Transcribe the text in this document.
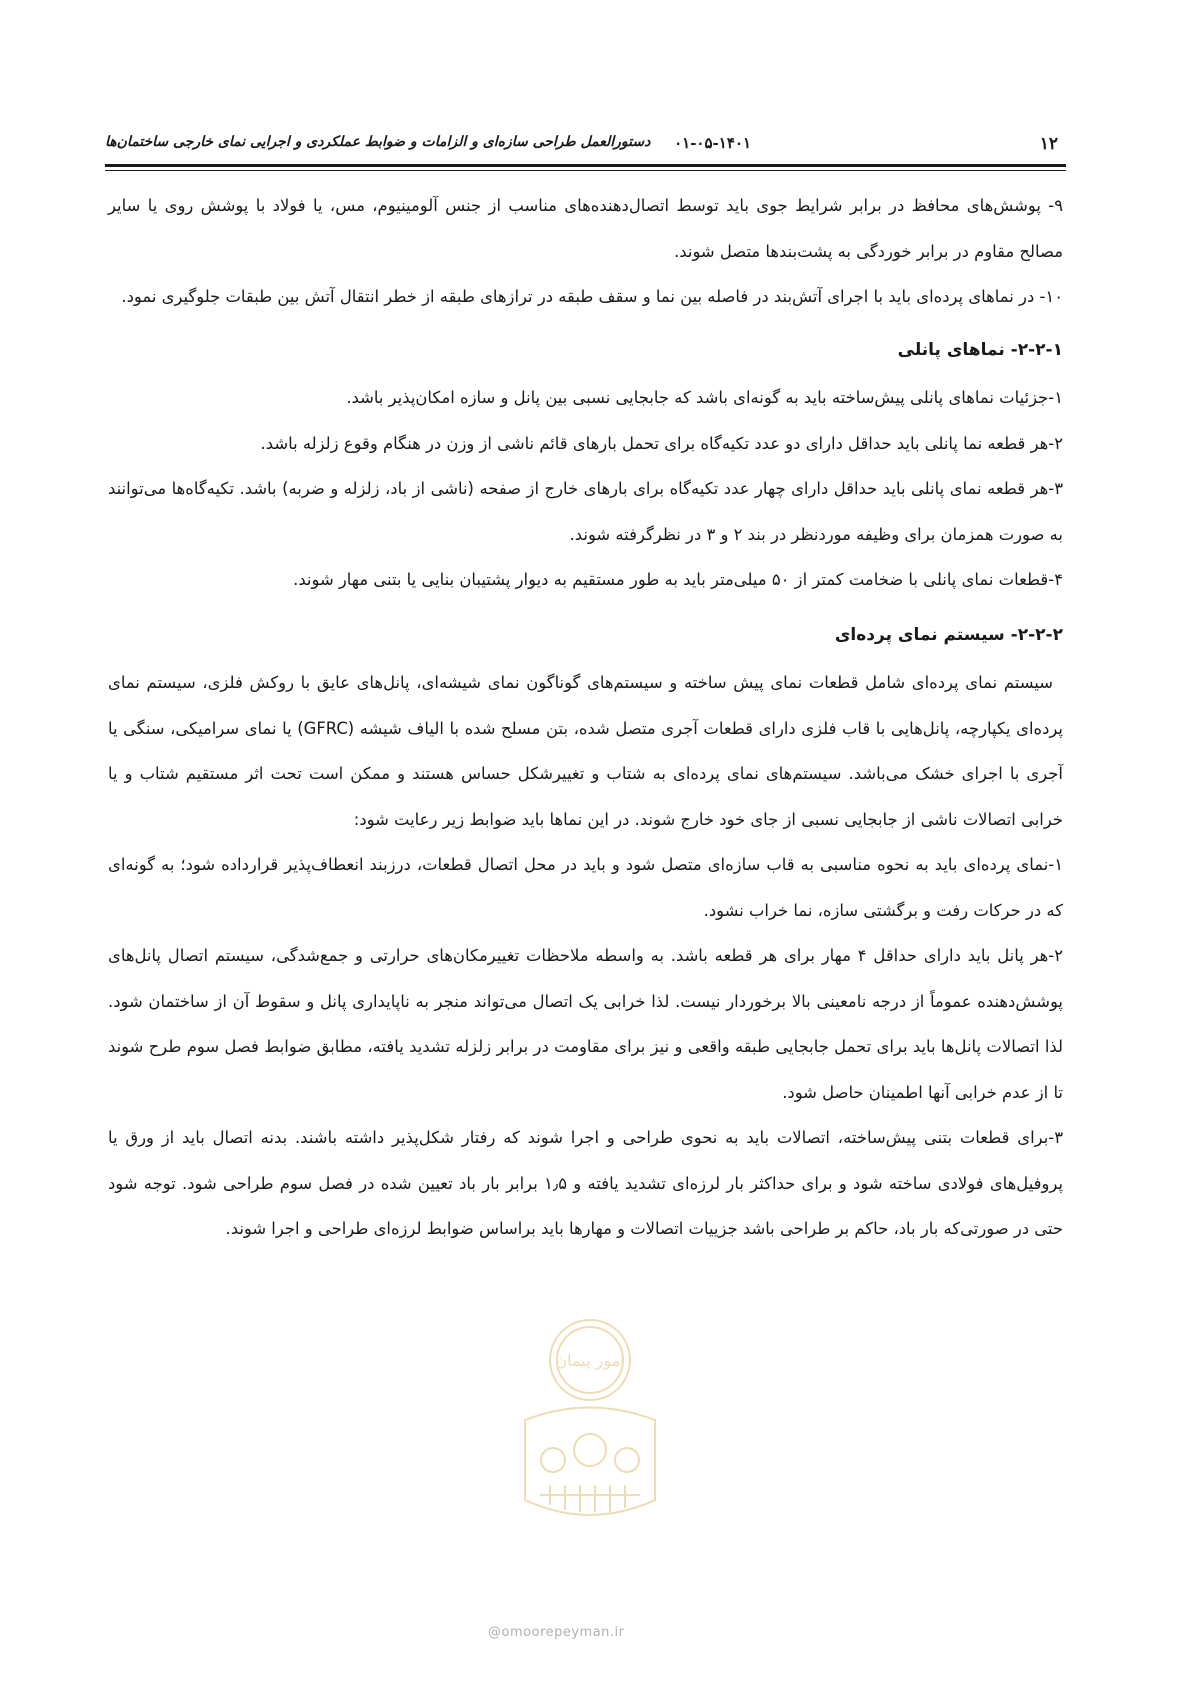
۱۲
۰۱-۰۵-۱۴۰۱
دستورالعمل طراحی سازه‌ای و الزامات و ضوابط عملکردی و اجرایی نمای خارجی ساختمان‌ها

۹- پوشش‌های محافظ در برابر شرایط جوی باید توسط اتصال‌دهنده‌های مناسب از جنس آلومینیوم، مس، یا فولاد با پوشش روی یا سایر مصالح مقاوم در برابر خوردگی به پشت‌بندها متصل شوند.

۱۰- در نماهای پرده‌ای باید با اجرای آتش‌بند در فاصله بین نما و سقف طبقه در ترازهای طبقه از خطر انتقال آتش بین طبقات جلوگیری نمود.

۲-۲-۱- نماهای پانلی

۱-جزئیات نماهای پانلی پیش‌ساخته باید به گونه‌ای باشد که جابجایی نسبی بین پانل و سازه امکان‌پذیر باشد.

۲-هر قطعه نما پانلی باید حداقل دارای دو عدد تکیه‌گاه برای تحمل بارهای قائم ناشی از وزن در هنگام وقوع زلزله باشد.

۳-هر قطعه نمای پانلی باید حداقل دارای چهار عدد تکیه‌گاه برای بارهای خارج از صفحه (ناشی از باد، زلزله و ضربه) باشد. تکیه‌گاه‌ها می‌توانند به صورت همزمان برای وظیفه موردنظر در بند ۲ و ۳ در نظرگرفته شوند.

۴-قطعات نمای پانلی با ضخامت کمتر از ۵۰ میلی‌متر باید به طور مستقیم به دیوار پشتیبان بنایی یا بتنی مهار شوند.

۲-۲-۲- سیستم نمای پرده‌ای

سیستم نمای پرده‌ای شامل قطعات نمای پیش ساخته و سیستم‌های گوناگون نمای شیشه‌ای، پانل‌های عایق با روکش فلزی، سیستم نمای پرده‌ای یکپارچه، پانل‌هایی با قاب فلزی دارای قطعات آجری متصل شده، بتن مسلح شده با الیاف شیشه (GFRC) یا نمای سرامیکی، سنگی یا آجری با اجرای خشک می‌باشد. سیستم‌های نمای پرده‌ای به شتاب و تغییرشکل حساس هستند و ممکن است تحت اثر مستقیم شتاب و یا خرابی اتصالات ناشی از جابجایی نسبی از جای خود خارج شوند. در این نماها باید ضوابط زیر رعایت شود:

۱-نمای پرده‌ای باید به نحوه مناسبی به قاب سازه‌ای متصل شود و باید در محل اتصال قطعات، درزبند انعطاف‌پذیر قرارداده شود؛ به گونه‌ای که در حرکات رفت و برگشتی سازه، نما خراب نشود.

۲-هر پانل باید دارای حداقل ۴ مهار برای هر قطعه باشد. به واسطه ملاحظات تغییرمکان‌های حرارتی و جمع‌شدگی، سیستم اتصال پانل‌های پوشش‌دهنده عموماً از درجه نامعینی بالا برخوردار نیست. لذا خرابی یک اتصال می‌تواند منجر به ناپایداری پانل و سقوط آن از ساختمان شود. لذا اتصالات پانل‌ها باید برای تحمل جابجایی طبقه واقعی و نیز برای مقاومت در برابر زلزله تشدید یافته، مطابق ضوابط فصل سوم طرح شوند تا از عدم خرابی آنها اطمینان حاصل شود.

۳-برای قطعات بتنی پیش‌ساخته، اتصالات باید به نحوی طراحی و اجرا شوند که رفتار شکل‌پذیر داشته باشند. بدنه اتصال باید از ورق یا پروفیل‌های فولادی ساخته شود و برای حداکثر بار لرزه‌ای تشدید یافته و ۱٫۵ برابر بار باد تعیین شده در فصل سوم طراحی شود. توجه شود حتی در صورتی‌که بار باد، حاکم بر طراحی باشد جزییات اتصالات و مهارها باید براساس ضوابط لرزه‌ای طراحی و اجرا شوند.

امور پیمان
@omoorepeyman.ir
